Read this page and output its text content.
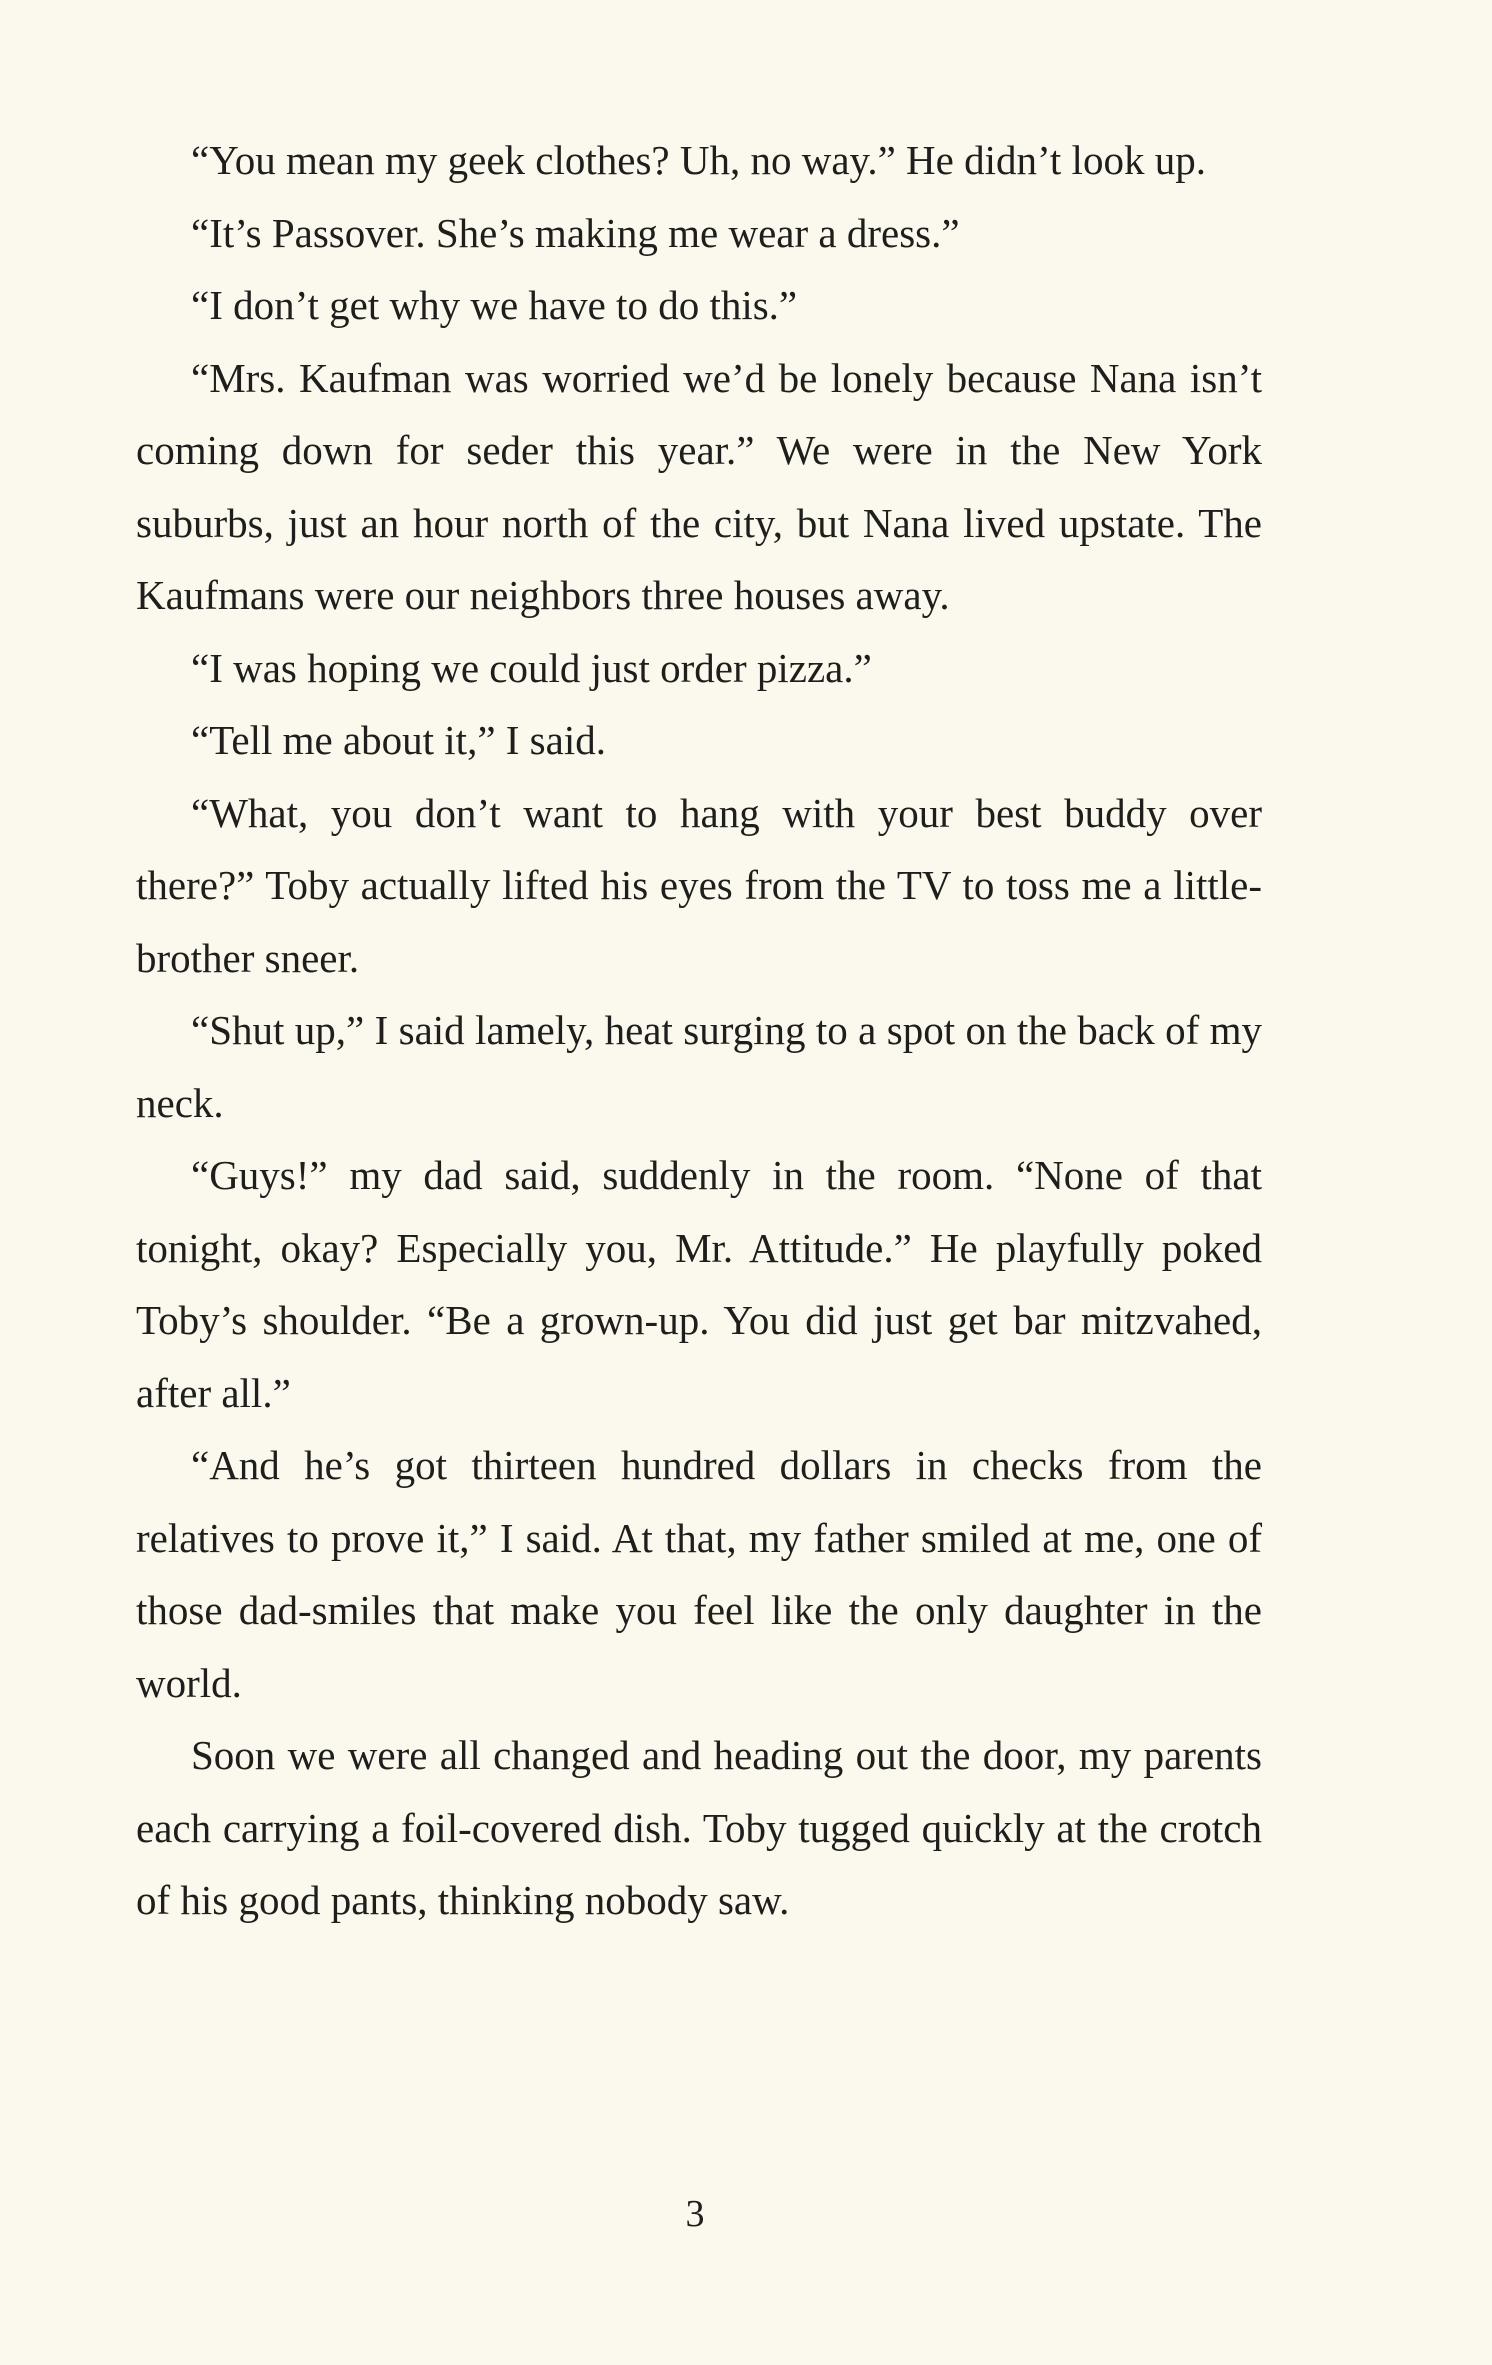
“You mean my geek clothes? Uh, no way.” He didn’t look up.

“It’s Passover. She’s making me wear a dress.”

“I don’t get why we have to do this.”

“Mrs. Kaufman was worried we’d be lonely because Nana isn’t coming down for seder this year.” We were in the New York suburbs, just an hour north of the city, but Nana lived upstate. The Kaufmans were our neighbors three houses away.

“I was hoping we could just order pizza.”

“Tell me about it,” I said.

“What, you don’t want to hang with your best buddy over there?” Toby actually lifted his eyes from the TV to toss me a little-brother sneer.

“Shut up,” I said lamely, heat surging to a spot on the back of my neck.

“Guys!” my dad said, suddenly in the room. “None of that tonight, okay? Especially you, Mr. Attitude.” He playfully poked Toby’s shoulder. “Be a grown-up. You did just get bar mitzvahed, after all.”

“And he’s got thirteen hundred dollars in checks from the relatives to prove it,” I said. At that, my father smiled at me, one of those dad-smiles that make you feel like the only daughter in the world.

Soon we were all changed and heading out the door, my parents each carrying a foil-covered dish. Toby tugged quickly at the crotch of his good pants, thinking nobody saw.

3
